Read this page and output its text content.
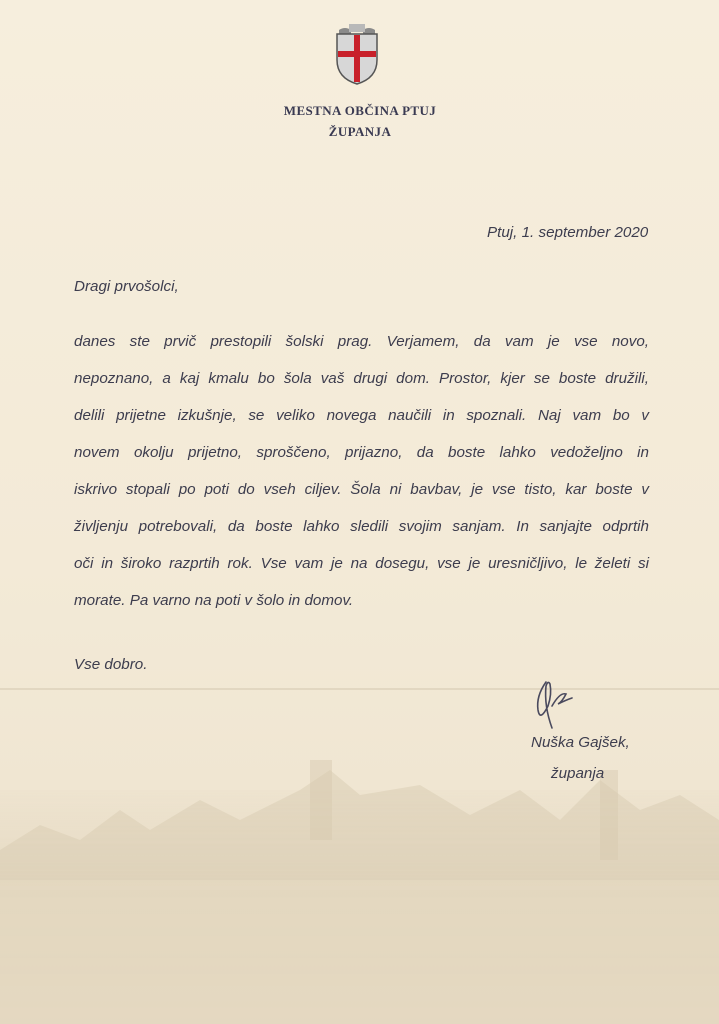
MESTNA OBČINA PTUJ
ŽUPANJA
Ptuj, 1. september 2020
Dragi prvošolci,
danes ste prvič prestopili šolski prag. Verjamem, da vam je vse novo,
nepoznano, a kaj kmalu bo šola vaš drugi dom. Prostor, kjer se boste družili,
delili prijetne izkušnje, se veliko novega naučili in spoznali. Naj vam bo v
novem okolju prijetno, sproščeno, prijazno, da boste lahko vedoželjno in
iskrivo stopali po poti do vseh ciljev. Šola ni bavbav, je vse tisto, kar boste v
življenju potrebovali, da boste lahko sledili svojim sanjam. In sanjajte odprtih
oči in široko razprtih rok. Vse vam je na dosegu, vse je uresničljivo, le želeti si
morate. Pa varno na poti v šolo in domov.
Vse dobro.
Nuška Gajšek,
županja
